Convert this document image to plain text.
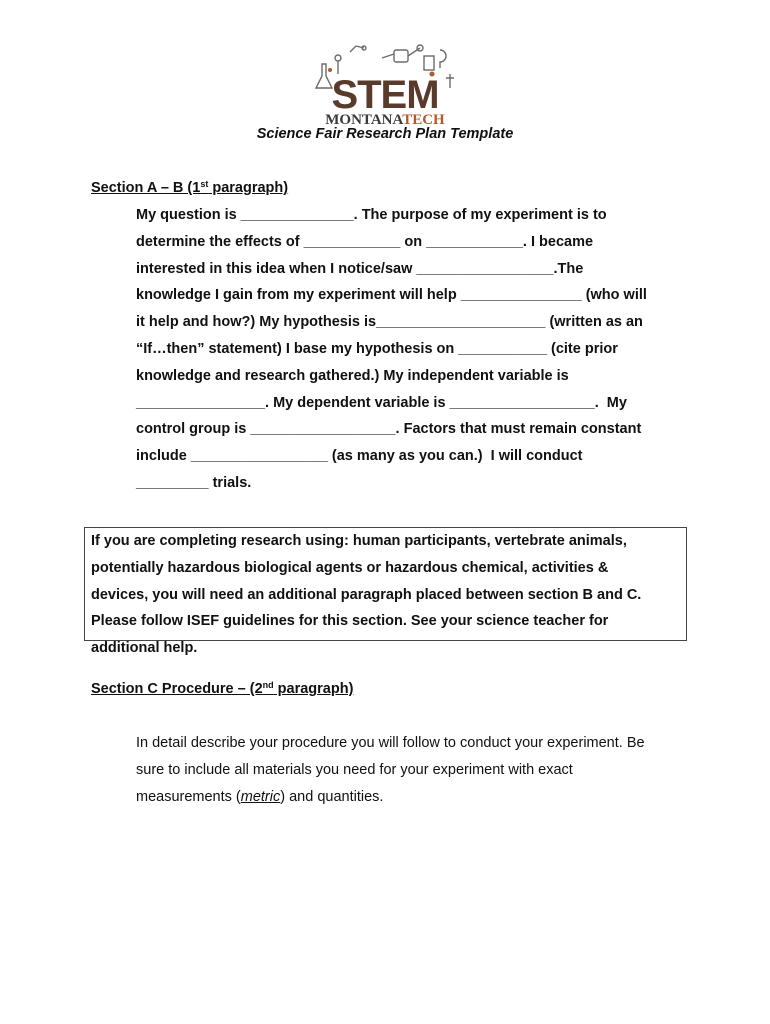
STEM
MONTANATECH
Science Fair Research Plan Template
Section A – B (1st paragraph)
My question is ______________. The purpose of my experiment is to
determine the effects of ____________ on ____________. I became
interested in this idea when I notice/saw _________________.The
knowledge I gain from my experiment will help _______________ (who will
it help and how?) My hypothesis is_____________________ (written as an
“If…then” statement) I base my hypothesis on ___________ (cite prior
knowledge and research gathered.) My independent variable is
________________. My dependent variable is __________________.  My
control group is __________________. Factors that must remain constant
include _________________ (as many as you can.)  I will conduct
_________ trials.
If you are completing research using: human participants, vertebrate animals,
potentially hazardous biological agents or hazardous chemical, activities &
devices, you will need an additional paragraph placed between section B and C.
Please follow ISEF guidelines for this section. See your science teacher for
additional help.
Section C Procedure – (2nd paragraph)
In detail describe your procedure you will follow to conduct your experiment. Be
sure to include all materials you need for your experiment with exact
measurements (metric) and quantities.
